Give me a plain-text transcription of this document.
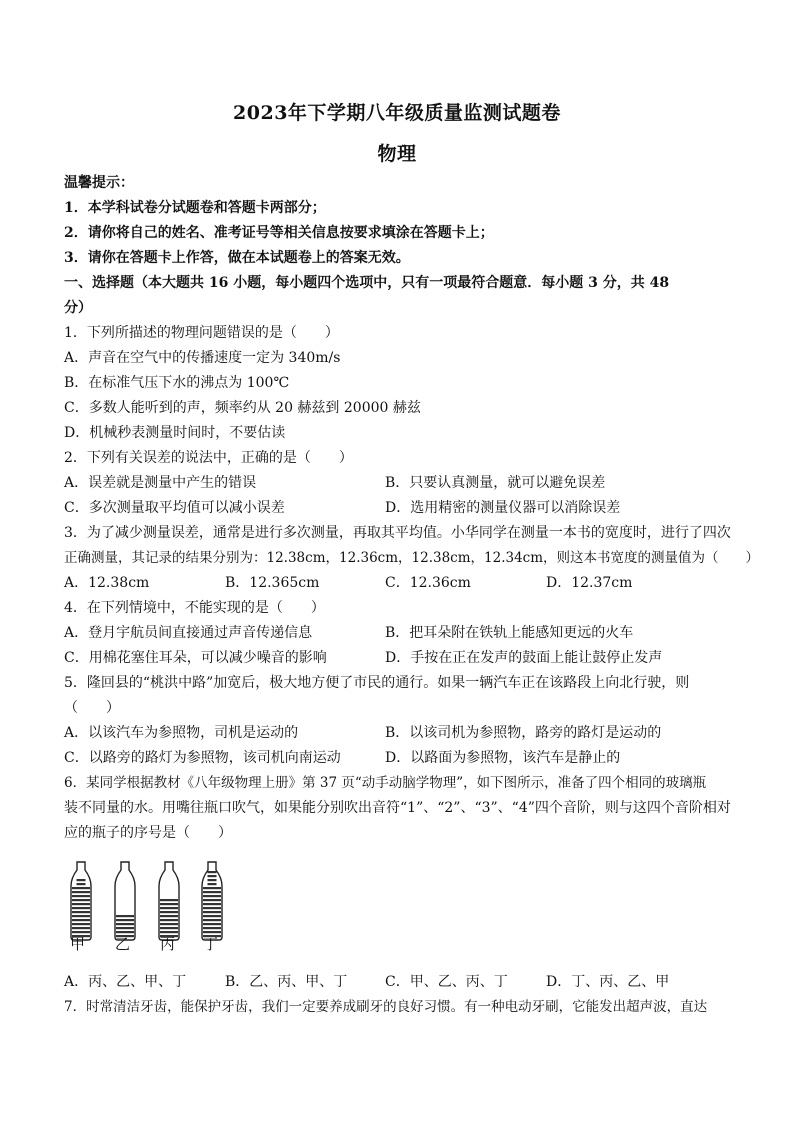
2023年下学期八年级质量监测试题卷
物理
温馨提示：
1．本学科试卷分试题卷和答题卡两部分；
2．请你将自己的姓名、准考证号等相关信息按要求填涂在答题卡上；
3．请你在答题卡上作答，做在本试题卷上的答案无效。
一、选择题（本大题共 16 小题，每小题四个选项中，只有一项最符合题意．每小题 3 分，共 48
分）
1．下列所描述的物理问题错误的是（　　）
A．声音在空气中的传播速度一定为 340m/s
B．在标准气压下水的沸点为 100℃
C．多数人能听到的声，频率约从 20 赫兹到 20000 赫兹
D．机械秒表测量时间时，不要估读
2．下列有关误差的说法中，正确的是（　　）
A．误差就是测量中产生的错误	B．只要认真测量，就可以避免误差
C．多次测量取平均值可以减小误差	D．选用精密的测量仪器可以消除误差
3．为了减少测量误差，通常是进行多次测量，再取其平均值。小华同学在测量一本书的宽度时，进行了四次
正确测量，其记录的结果分别为：12.38cm，12.36cm，12.38cm，12.34cm，则这本书宽度的测量值为（　　）
A．12.38cm	B．12.365cm	C．12.36cm	D．12.37cm
4．在下列情境中，不能实现的是（　　）
A．登月宇航员间直接通过声音传递信息	B．把耳朵附在铁轨上能感知更远的火车
C．用棉花塞住耳朵，可以减少噪音的影响	D．手按在正在发声的鼓面上能让鼓停止发声
5．隆回县的“桃洪中路”加宽后，极大地方便了市民的通行。如果一辆汽车正在该路段上向北行驶，则
（　　）
A．以该汽车为参照物，司机是运动的	B．以该司机为参照物，路旁的路灯是运动的
C．以路旁的路灯为参照物，该司机向南运动	D．以路面为参照物，该汽车是静止的
6．某同学根据教材《八年级物理上册》第 37 页“动手动脑学物理”，如下图所示，准备了四个相同的玻璃瓶
装不同量的水。用嘴往瓶口吹气，如果能分别吹出音符“1”、“2”、“3”、“4”四个音阶，则与这四个音阶相对
应的瓶子的序号是（　　）
甲 乙 丙 丁
A．丙、乙、甲、丁	B．乙、丙、甲、丁	C．甲、乙、丙、丁	D．丁、丙、乙、甲
7．时常清洁牙齿，能保护牙齿，我们一定要养成刷牙的良好习惯。有一种电动牙刷，它能发出超声波，直达
